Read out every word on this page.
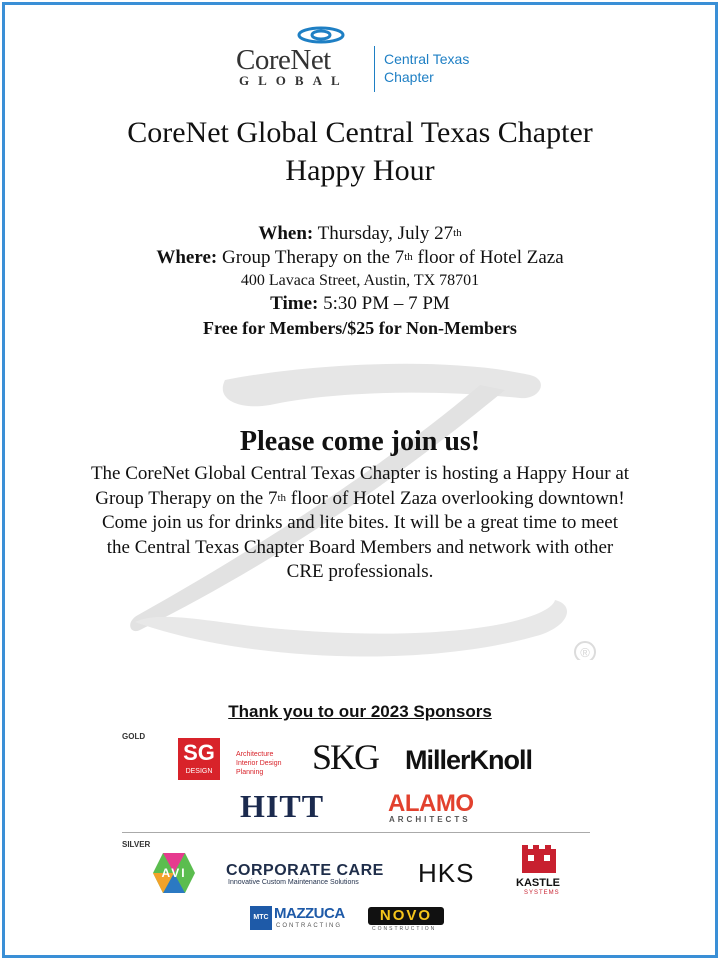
®
CoreNet
GLOBAL
Central Texas
Chapter
CoreNet Global Central Texas Chapter
Happy Hour
When: Thursday, July 27th
Where: Group Therapy on the 7th floor of Hotel Zaza
400 Lavaca Street, Austin, TX 78701
Time: 5:30 PM – 7 PM
Free for Members/$25 for Non-Members
Please come join us!
The CoreNet Global Central Texas Chapter is hosting a Happy Hour at Group Therapy on the 7th floor of Hotel Zaza overlooking downtown! Come join us for drinks and lite bites. It will be a great time to meet the Central Texas Chapter Board Members and network with other CRE professionals.
Thank you to our 2023 Sponsors
GOLD
SILVER
SG
DESIGN
Architecture
Interior Design
Planning	SKG MillerKnoll
HITT	ALAMO
ARCHITECTS
AVI	CORPORATE CARE
Innovative Custom Maintenance Solutions HKS	KASTLE
SYSTEMS
MTC MAZZUCA
CONTRACTING
NOVO
CONSTRUCTION
